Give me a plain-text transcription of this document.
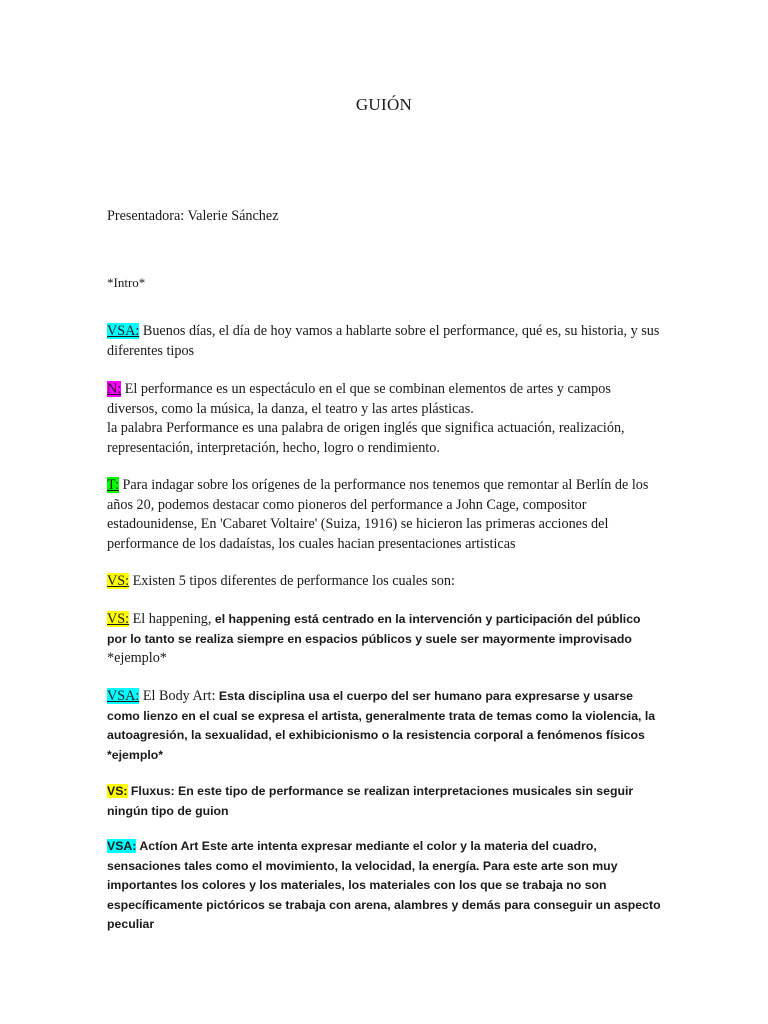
GUIÓN

Presentadora: Valerie Sánchez

*Intro*

VSA: Buenos días, el día de hoy vamos a hablarte sobre el performance, qué es, su historia, y sus diferentes tipos

N: El performance es un espectáculo en el que se combinan elementos de artes y campos diversos, como la música, la danza, el teatro y las artes plásticas.
la palabra Performance es una palabra de origen inglés que significa actuación, realización, representación, interpretación, hecho, logro o rendimiento.

T: Para indagar sobre los orígenes de la performance nos tenemos que remontar al Berlín de los años 20, podemos destacar como pioneros del performance a John Cage, compositor estadounidense, En 'Cabaret Voltaire' (Suiza, 1916) se hicieron las primeras acciones del performance de los dadaístas, los cuales hacian presentaciones artisticas

VS: Existen 5 tipos diferentes de performance los cuales son:

VS: El happening, el happening está centrado en la intervención y participación del público por lo tanto se realiza siempre en espacios públicos y suele ser mayormente improvisado
*ejemplo*

VSA: El Body Art: Esta disciplina usa el cuerpo del ser humano para expresarse y usarse como lienzo en el cual se expresa el artista, generalmente trata de temas como la violencia, la autoagresión, la sexualidad, el exhibicionismo o la resistencia corporal a fenómenos físicos
*ejemplo*

VS: Fluxus: En este tipo de performance se realizan interpretaciones musicales sin seguir ningún tipo de guion

VSA: Actíon Art Este arte intenta expresar mediante el color y la materia del cuadro, sensaciones tales como el movimiento, la velocidad, la energía. Para este arte son muy importantes los colores y los materiales, los materiales con los que se trabaja no son específicamente pictóricos se trabaja con arena, alambres y demás para conseguir un aspecto peculiar
